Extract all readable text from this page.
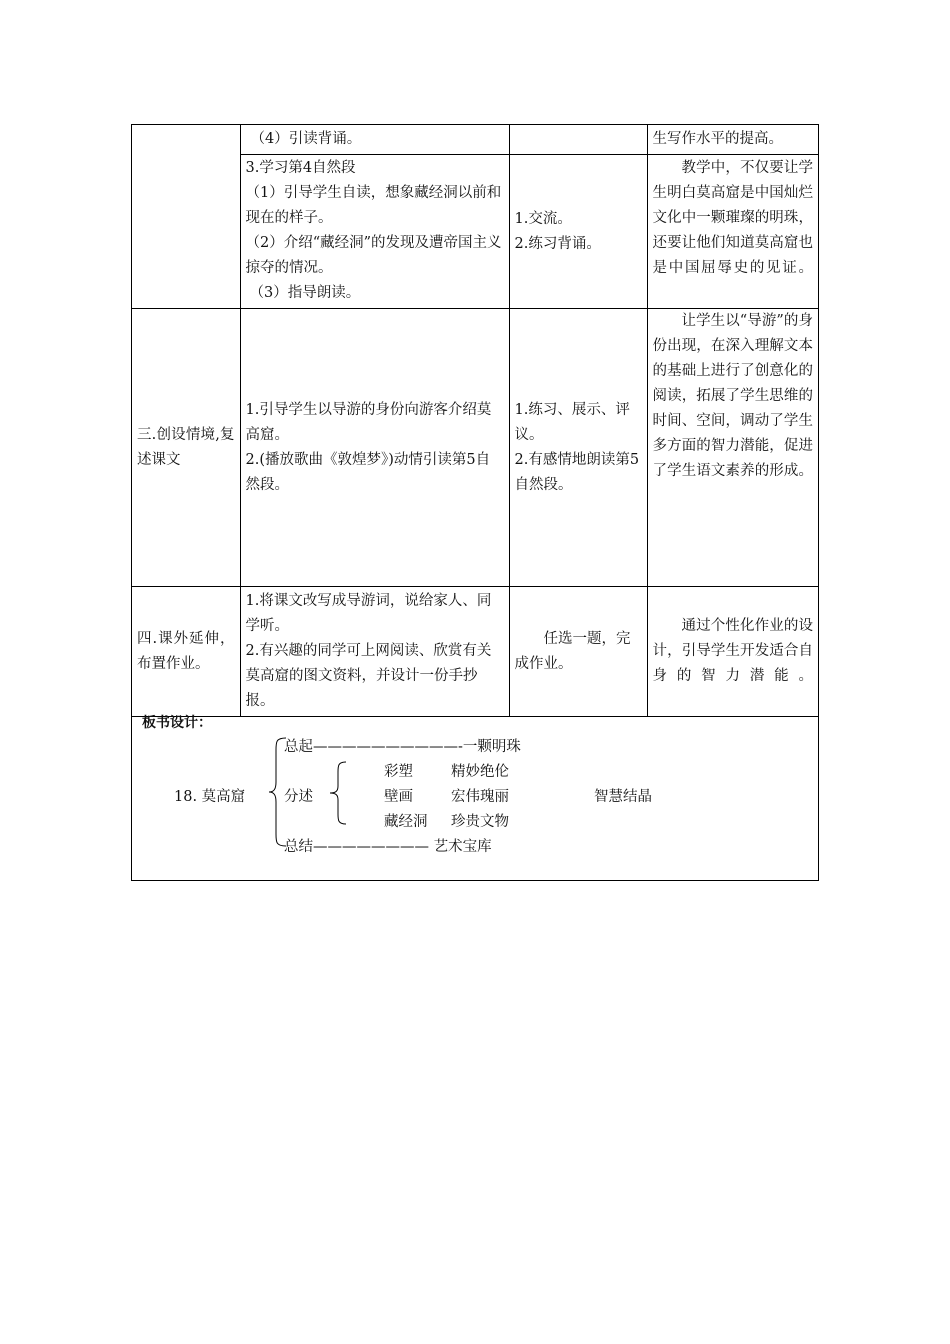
	（4）引读背诵。		生写作水平的提高。

	3.学习第4自然段
（1）引导学生自读，想象藏经洞以前和现在的样子。
（2）介绍“藏经洞”的发现及遭帝国主义掠夺的情况。
（3）指导朗读。	1.交流。
2.练习背诵。	教学中，不仅要让学生明白莫高窟是中国灿烂文化中一颗璀璨的明珠，还要让他们知道莫高窟也是中国屈辱史的见证。

三.创设情境,复述课文	1.引导学生以导游的身份向游客介绍莫高窟。
2.(播放歌曲《敦煌梦》)动情引读第5自然段。	1.练习、展示、评议。
2.有感情地朗读第5自然段。	让学生以“导游”的身份出现，在深入理解文本的基础上进行了创意化的阅读，拓展了学生思维的时间、空间，调动了学生多方面的智力潜能，促进了学生语文素养的形成。

四.课外延伸，布置作业。	1.将课文改写成导游词，说给家人、同学听。
2.有兴趣的同学可上网阅读、欣赏有关莫高窟的图文资料，并设计一份手抄报。	任选一题，完成作业。	通过个性化作业的设计，引导学生开发适合自身的智力潜能。
板书设计：
总起——————————-一颗明珠
18. 莫高窟	分述
彩塑	精妙绝伦
壁画	宏伟瑰丽
藏经洞 珍贵文物
智慧结晶
总结———————— 艺术宝库
